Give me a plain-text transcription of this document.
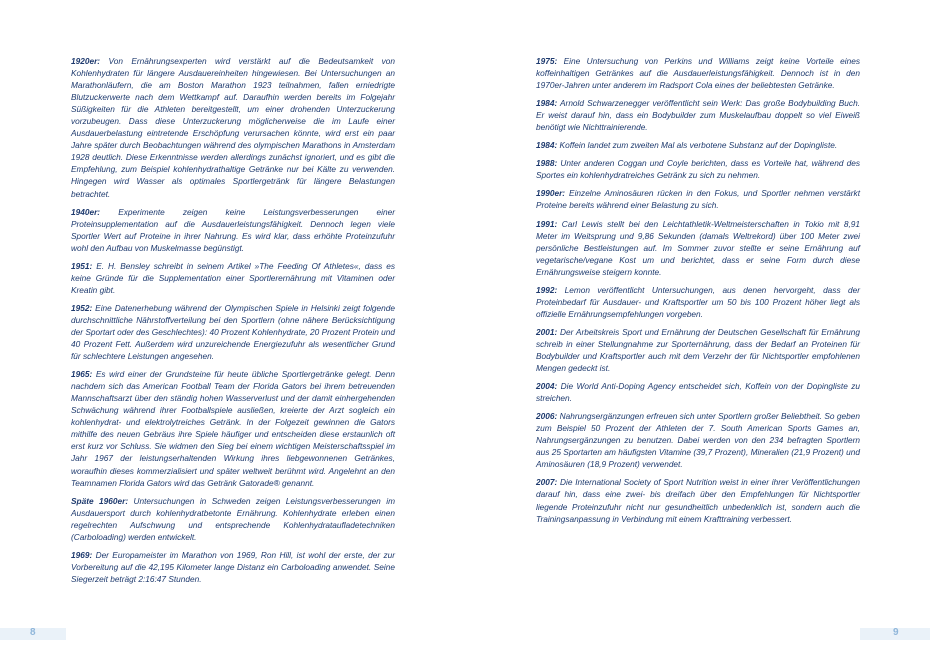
1920er: Von Ernährungsexperten wird verstärkt auf die Bedeutsamkeit von Kohlenhydraten für längere Ausdauereinheiten hingewiesen. Bei Untersuchungen an Marathonläufern, die am Boston Marathon 1923 teilnahmen, fallen erniedrigte Blutzuckerwerte nach dem Wettkampf auf. Daraufhin werden bereits im Folgejahr Süßigkeiten für die Athleten bereitgestellt, um einer drohenden Unterzuckerung vorzubeugen. Dass diese Unterzuckerung möglicherweise die im Laufe einer Ausdauerbelastung eintretende Erschöpfung verursachen könnte, wird erst ein paar Jahre später durch Beobachtungen während des olympischen Marathons in Amsterdam 1928 deutlich. Diese Erkenntnisse werden allerdings zunächst ignoriert, und es gibt die Empfehlung, zum Beispiel kohlenhydrathaltige Getränke nur bei Kälte zu verwenden. Hingegen wird Wasser als optimales Sportlergetränk für längere Belastungen betrachtet.

1940er: Experimente zeigen keine Leistungsverbesserungen einer Proteinsupplementation auf die Ausdauerleistungsfähigkeit. Dennoch legen viele Sportler Wert auf Proteine in ihrer Nahrung. Es wird klar, dass erhöhte Proteinzufuhr wohl den Aufbau von Muskelmasse begünstigt.

1951: E. H. Bensley schreibt in seinem Artikel »The Feeding Of Athletes«, dass es keine Gründe für die Supplementation einer Sportlerernährung mit Vitaminen oder Kreatin gibt.

1952: Eine Datenerhebung während der Olympischen Spiele in Helsinki zeigt folgende durchschnittliche Nährstoffverteilung bei den Sportlern (ohne nähere Berücksichtigung der Sportart oder des Geschlechtes): 40 Prozent Kohlenhydrate, 20 Prozent Protein und 40 Prozent Fett. Außerdem wird unzureichende Energiezufuhr als wesentlicher Grund für schlechtere Leistungen angesehen.

1965: Es wird einer der Grundsteine für heute übliche Sportlergetränke gelegt. Denn nachdem sich das American Football Team der Florida Gators bei ihrem betreuenden Mannschaftsarzt über den ständig hohen Wasserverlust und der damit einhergehenden Schwächung während ihrer Footballspiele ausließen, kreierte der Arzt sogleich ein kohlenhydrat- und elektrolytreiches Getränk. In der Folgezeit gewinnen die Gators mithilfe des neuen Gebräus ihre Spiele häufiger und entscheiden diese erstaunlich oft erst kurz vor Schluss. Sie widmen den Sieg bei einem wichtigen Meisterschaftsspiel im Jahr 1967 der leistungserhaltenden Wirkung ihres liebgewonnenen Getränkes, woraufhin dieses kommerzialisiert und später weltweit berühmt wird. Angelehnt an den Teamnamen Florida Gators wird das Getränk Gatorade® genannt.

Späte 1960er: Untersuchungen in Schweden zeigen Leistungsverbesserungen im Ausdauersport durch kohlenhydratbetonte Ernährung. Kohlenhydrate erleben einen regelrechten Aufschwung und entsprechende Kohlenhydrataufladetechniken (Carboloading) werden entwickelt.

1969: Der Europameister im Marathon von 1969, Ron Hill, ist wohl der erste, der zur Vorbereitung auf die 42,195 Kilometer lange Distanz ein Carboloading anwendet. Seine Siegerzeit beträgt 2:16:47 Stunden.

1975: Eine Untersuchung von Perkins und Williams zeigt keine Vorteile eines koffeinhaltigen Getränkes auf die Ausdauerleistungsfähigkeit. Dennoch ist in den 1970er-Jahren unter anderem im Radsport Cola eines der beliebtesten Getränke.

1984: Arnold Schwarzenegger veröffentlicht sein Werk: Das große Bodybuilding Buch. Er weist darauf hin, dass ein Bodybuilder zum Muskelaufbau doppelt so viel Eiweiß benötigt wie Nichttrainierende.

1984: Koffein landet zum zweiten Mal als verbotene Substanz auf der Dopingliste.

1988: Unter anderen Coggan und Coyle berichten, dass es Vorteile hat, während des Sportes ein kohlenhydratreiches Getränk zu sich zu nehmen.

1990er: Einzelne Aminosäuren rücken in den Fokus, und Sportler nehmen verstärkt Proteine bereits während einer Belastung zu sich.

1991: Carl Lewis stellt bei den Leichtathletik-Weltmeisterschaften in Tokio mit 8,91 Meter im Weitsprung und 9,86 Sekunden (damals Weltrekord) über 100 Meter zwei persönliche Bestleistungen auf. Im Sommer zuvor stellte er seine Ernährung auf vegetarische/vegane Kost um und berichtet, dass er seine Form durch diese Ernährungsweise steigern konnte.

1992: Lemon veröffentlicht Untersuchungen, aus denen hervorgeht, dass der Proteinbedarf für Ausdauer- und Kraftsportler um 50 bis 100 Prozent höher liegt als offizielle Ernährungsempfehlungen vorgeben.

2001: Der Arbeitskreis Sport und Ernährung der Deutschen Gesellschaft für Ernährung schreib in einer Stellungnahme zur Sporternährung, dass der Bedarf an Proteinen für Bodybuilder und Kraftsportler auch mit dem Verzehr der für Nichtsportler empfohlenen Mengen gedeckt ist.

2004: Die World Anti-Doping Agency entscheidet sich, Koffein von der Dopingliste zu streichen.

2006: Nahrungsergänzungen erfreuen sich unter Sportlern großer Beliebtheit. So geben zum Beispiel 50 Prozent der Athleten der 7. South American Sports Games an, Nahrungsergänzungen zu benutzen. Dabei werden von den 234 befragten Sportlern aus 25 Sportarten am häufigsten Vitamine (39,7 Prozent), Mineralien (21,9 Prozent) und Aminosäuren (18,9 Prozent) verwendet.

2007: Die International Society of Sport Nutrition weist in einer ihrer Veröffentlichungen darauf hin, dass eine zwei- bis dreifach über den Empfehlungen für Nichtsportler liegende Proteinzufuhr nicht nur gesundheitlich unbedenklich ist, sondern auch die Trainingsanpassung in Verbindung mit einem Krafttraining verbessert.

8	9
